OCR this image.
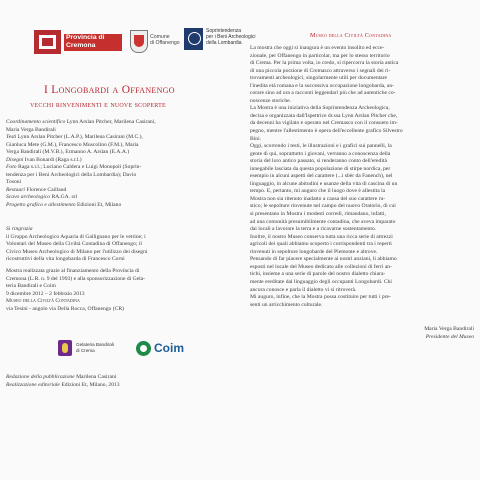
Provincia di Cremona
Comune
di Offanengo
Soprintendenza
per i Beni Archeologici
della Lombardia
I Longobardi a Offanengo
vecchi rinvenimenti e nuove scoperte
Coordinamento scientifico Lynn Arslan Pitcher, Marilena Casirani,
Maria Verga Bandirali
Testi Lynn Arslan Pitcher (L.A.P.), Marilena Casirani (M.C.),
Gianluca Mete (G.M.), Francesco Muscolino (F.M.), Maria
Verga Bandirali (M.V.B.), Ermanno A. Arslan (E.A.A.)
Disegni Ivan Bonardi (Raga s.r.l.)
Foto Raga s.r.l.; Luciano Caldera e Luigi Monopoli (Soprin-
tendenza per i Beni Archeologici della Lombardia); Davio
Tosoni
Restauri Florence Caillaud
Scavo archeologico RA.GA. srl
Progetto grafico e allestimento Edizioni Et, Milano
Si ringrazia
il Gruppo Archeologico Aquaria di Gallignano per le vetrine; i
Volontari del Museo della Civiltà Contadina di Offanengo; il
Civico Museo Archeologico di Milano per l'utilizzo dei disegni
ricostruttivi della vita longobarda di Francesco Corni
Mostra realizzata grazie al finanziamento della Provincia di
Cremona (L.R. n. 9 del 1993) e alla sponsorizzazione di Gela-
teria Bandirali e Coim
9 dicembre 2012 – 2 febbraio 2013
Museo della Civiltà Contadina
via Tesini - angolo via Della Rocca, Offanengo (CR)
Gelateria Bandirali
di Crema	Coim
Redazione della pubblicazione Marilena Casirani
Realizzazione editoriale Edizioni Et, Milano, 2013
Museo della Civiltà Contadina
La mostra che oggi si inaugura è un evento insolito ed ecce-
zionale, per Offanengo in particolar, ma per lo stesso territorio
di Crema. Per la prima volta, io credo, si ripercorra la storia antica
di una piccola porzione di Cremasco attraverso i segnali dei ri-
trovamenti archeologici, singolarmente utili per documentare
l'inedita età romana e la successiva occupazione longobarda, an-
corare sino ad ora a racconti leggendari più che ad autentiche co-
noscenze storiche.
La Mostra è una iniziativa della Soprintendenza Archeologica,
decisa e organizzata dall'Ispettrice dr.ssa Lynn Arslan Pitcher che,
da decenni ha vigilato e operato nel Cremasco con il consueto im-
pegno, mentre l'allestimento è opera dell'eccellente grafico Silvestro
Bini.
Oggi, scorrendo i testi, le illustrazioni e i grafici sui pannelli, la
gente di qui, soprattutto i giovani, verranno a conoscenza della
storia del loro antico passato, si renderanno conto dell'eredità
innegabile lasciata da questa popolazione di stirpe nordica, per
esempio in alcuni aspetti del carattere (...i sbèr da Fanench), nel
linguaggio, in alcune abitudini e usanze della vita di cascina di un
tempo. E, pertanto, mi auguro che il luogo dove è allestita la
Mostra non sia ritenuto inadatto a causa del suo carattere ru-
stico; le sepolture rinvenute nel campo del nuovo Oratorio, di cui
si presentano in Mostra i modesti corredi, rimandano, infatti,
ad una comunità presumibilmente contadina, che aveva imparato
dai locali a lavorare la terra e a ricavarne sostentamento.
Inoltre, il nostro Museo conserva tutta una ricca serie di attrezzi
agricoli dei quali abbiamo scoperto i corrispondenti tra i reperti
rinvenuti in sepolture longobarde del Piemonte e altrove.
Pensando di far piacere specialmente ai nostri anziani, li abbiamo
esposti nel locale del Museo dedicato alle collezioni di ferri an-
tichi, insieme a una serie di parole del nostro dialetto chiara-
mente ereditate dal linguaggio degli occupanti Longobardi. Chi
ancora conosce e parla il dialetto vi si ritroverà.
Mi auguro, infine, che la Mostra possa costituire per tutti i pre-
senti un arricchimento culturale.
Maria Verga Bandirali
Presidente del Museo
